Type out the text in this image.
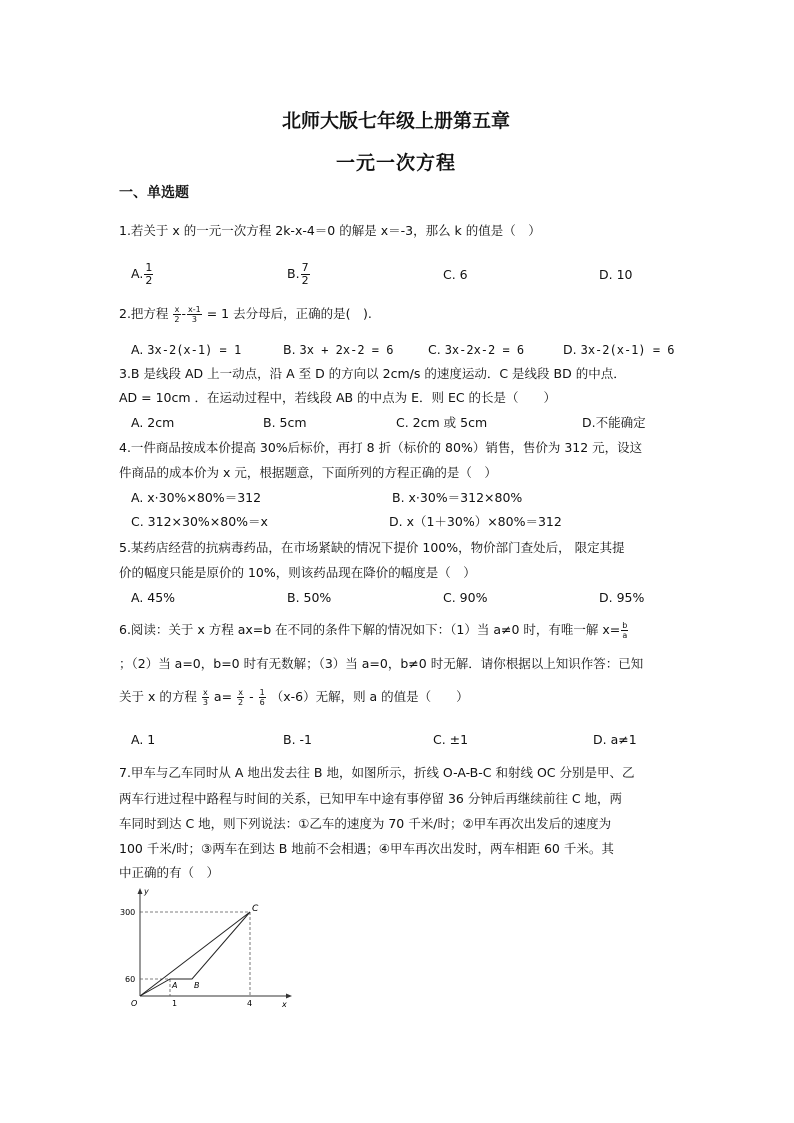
北师大版七年级上册第五章
一元一次方程
一、单选题
1.若关于 x 的一元一次方程 2k-x-4＝0 的解是 x＝-3，那么 k 的值是（　）
A. $\frac{1}{2}$	B. $\frac{7}{2}$	C. 6	D. 10
2.把方程 $\frac{x}{2} - \frac{x-1}{3} = 1$ 去分母后，正确的是(　).
A. 3x-2(x-1) = 1	B. 3x + 2x-2 = 6	C. 3x-2x-2 = 6	D. 3x-2(x-1) = 6
3.B 是线段 AD 上一动点，沿 A 至 D 的方向以 2cm/s 的速度运动．C 是线段 BD 的中点．
AD = 10cm ．在运动过程中，若线段 AB 的中点为 E．则 EC 的长是（　　）
A. 2cm	B. 5cm	C. 2cm 或 5cm	D.不能确定
4.一件商品按成本价提高 30%后标价，再打 8 折（标价的 80%）销售，售价为 312 元，设这
件商品的成本价为 x 元，根据题意，下面所列的方程正确的是（　）
A. x·30%×80%＝312	B. x·30%＝312×80%
C. 312×30%×80%＝x	D. x（1＋30%）×80%＝312
5.某药店经营的抗病毒药品，在市场紧缺的情况下提价 100%，物价部门查处后， 限定其提
价的幅度只能是原价的 10%，则该药品现在降价的幅度是（　）
A. 45%	B. 50%	C. 90%	D. 95%
6.阅读：关于 x 方程 ax=b 在不同的条件下解的情况如下：（1）当 a≠0 时，有唯一解 $x= \frac{b}{a}$
；（2）当 a=0，b=0 时有无数解；（3）当 a=0，b≠0 时无解．请你根据以上知识作答：已知
关于 x 的方程 $\frac{x}{3} a= \frac{x}{2} - \frac{1}{6} (x-6)$无解，则 a 的值是（　　）
A. 1	B. -1	C. ±1	D. a≠1
7.甲车与乙车同时从 A 地出发去往 B 地，如图所示，折线 O-A-B-C 和射线 OC 分别是甲、乙
两车行进过程中路程与时间的关系，已知甲车中途有事停留 36 分钟后再继续前往 C 地，两
车同时到达 C 地，则下列说法：①乙车的速度为 70 千米/时；②甲车再次出发后的速度为
100 千米/时；③两车在到达 B 地前不会相遇；④甲车再次出发时，两车相距 60 千米。其
中正确的有（　）
y
x
300
60
O	1	4
A B
C
